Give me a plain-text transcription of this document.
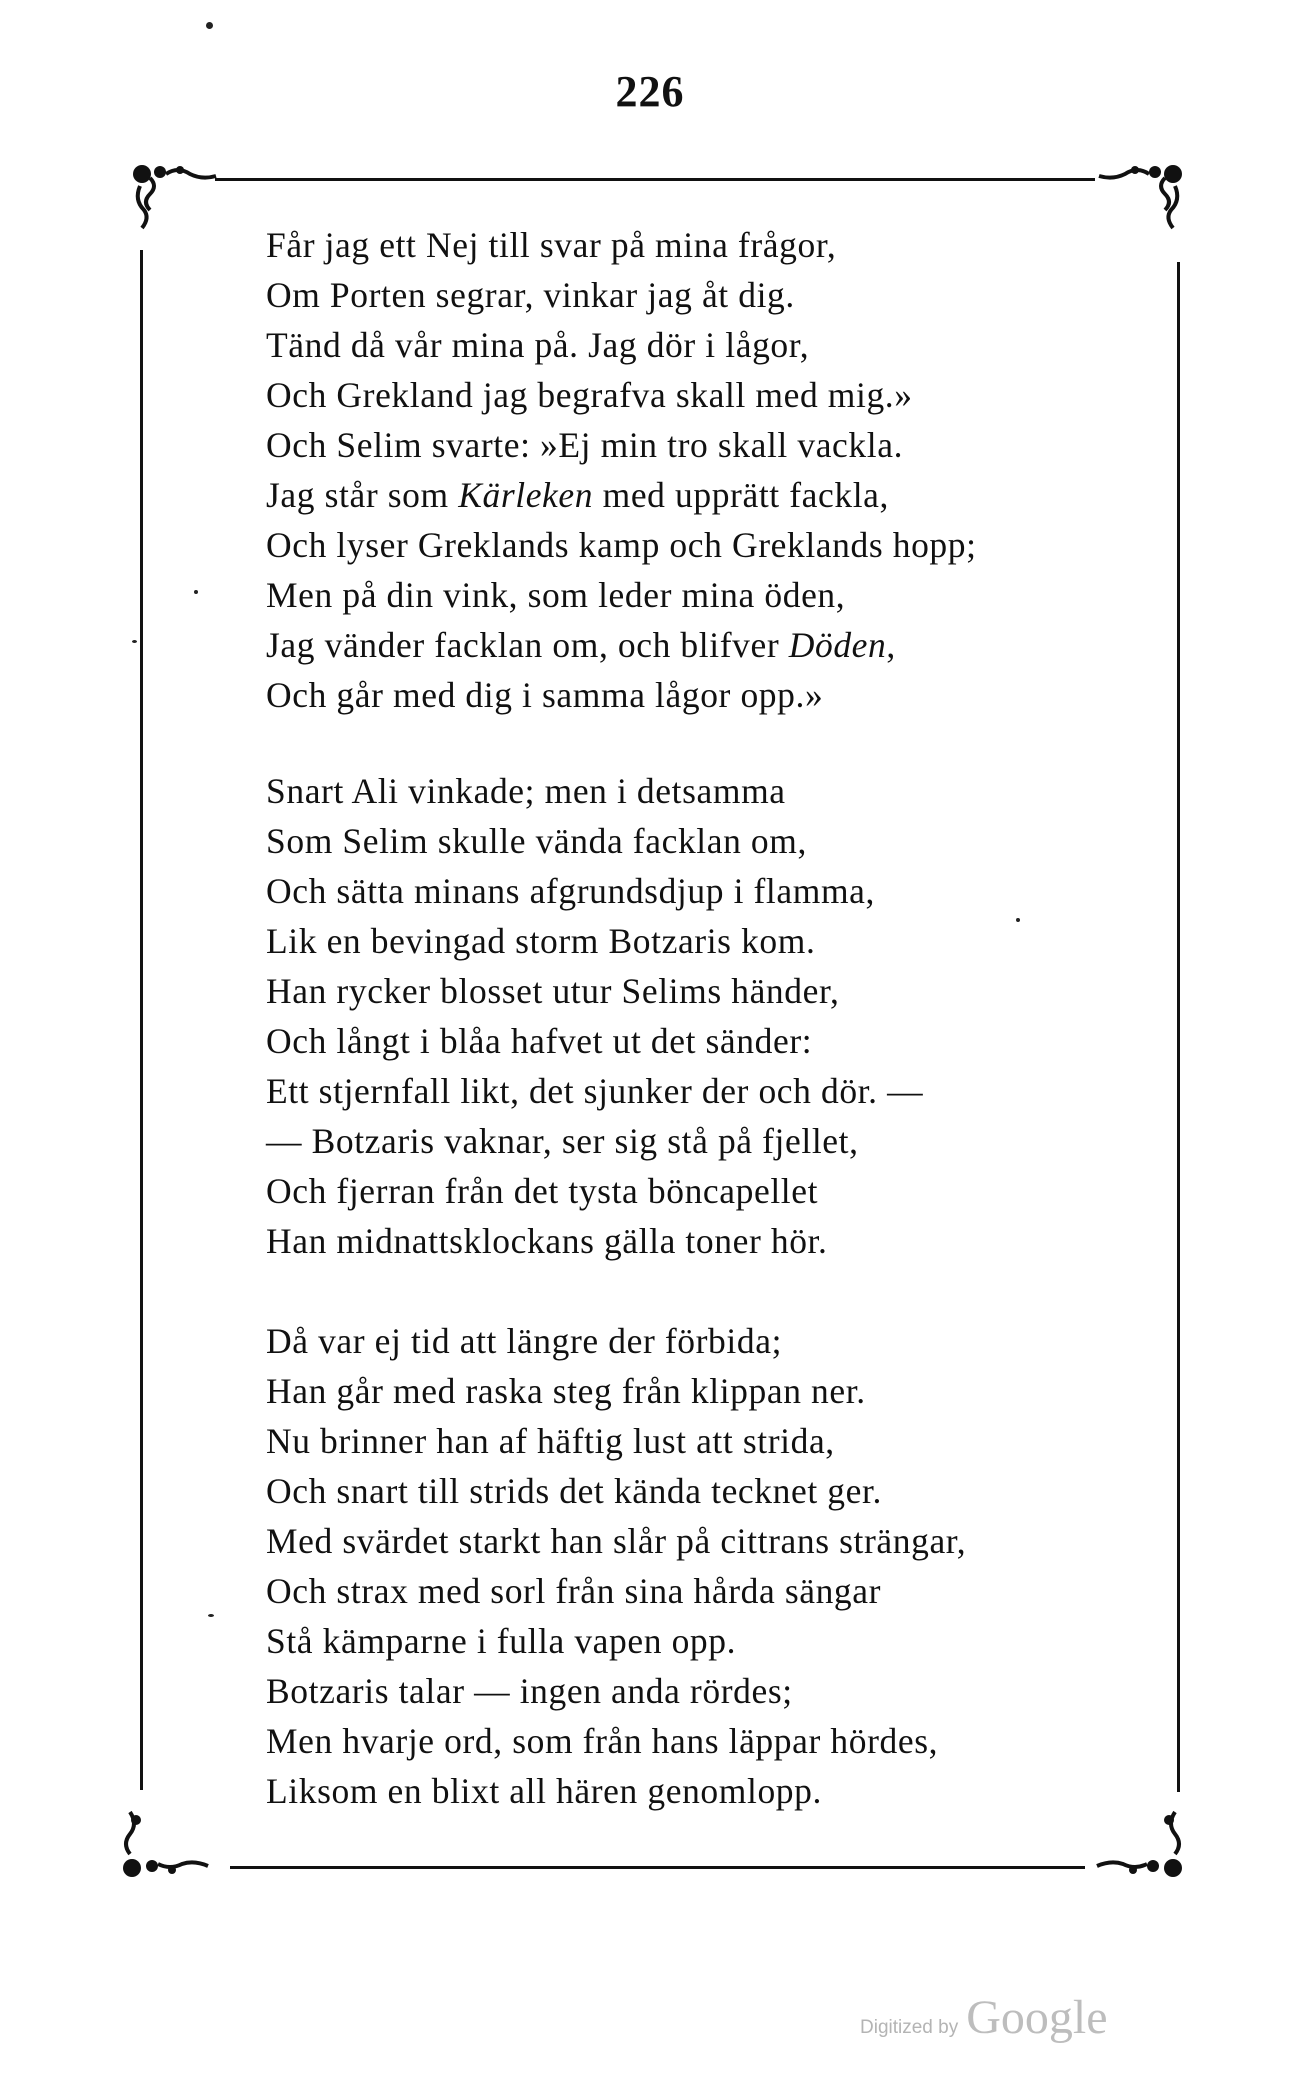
226
Får jag ett Nej till svar på mina frågor,
Om Porten segrar, vinkar jag åt dig.
Tänd då vår mina på. Jag dör i lågor,
Och Grekland jag begrafva skall med mig.»
Och Selim svarte: »Ej min tro skall vackla.
Jag står som Kärleken med upprätt fackla,
Och lyser Greklands kamp och Greklands hopp;
Men på din vink, som leder mina öden,
Jag vänder facklan om, och blifver Döden,
Och går med dig i samma lågor opp.»
Snart Ali vinkade; men i detsamma
Som Selim skulle vända facklan om,
Och sätta minans afgrundsdjup i flamma,
Lik en bevingad storm Botzaris kom.
Han rycker blosset utur Selims händer,
Och långt i blåa hafvet ut det sänder:
Ett stjernfall likt, det sjunker der och dör. —
— Botzaris vaknar, ser sig stå på fjellet,
Och fjerran från det tysta böncapellet
Han midnattsklockans gälla toner hör.
Då var ej tid att längre der förbida;
Han går med raska steg från klippan ner.
Nu brinner han af häftig lust att strida,
Och snart till strids det kända tecknet ger.
Med svärdet starkt han slår på cittrans strängar,
Och strax med sorl från sina hårda sängar
Stå kämparne i fulla vapen opp.
Botzaris talar — ingen anda rördes;
Men hvarje ord, som från hans läppar hördes,
Liksom en blixt all hären genomlopp.
Digitized by Google
